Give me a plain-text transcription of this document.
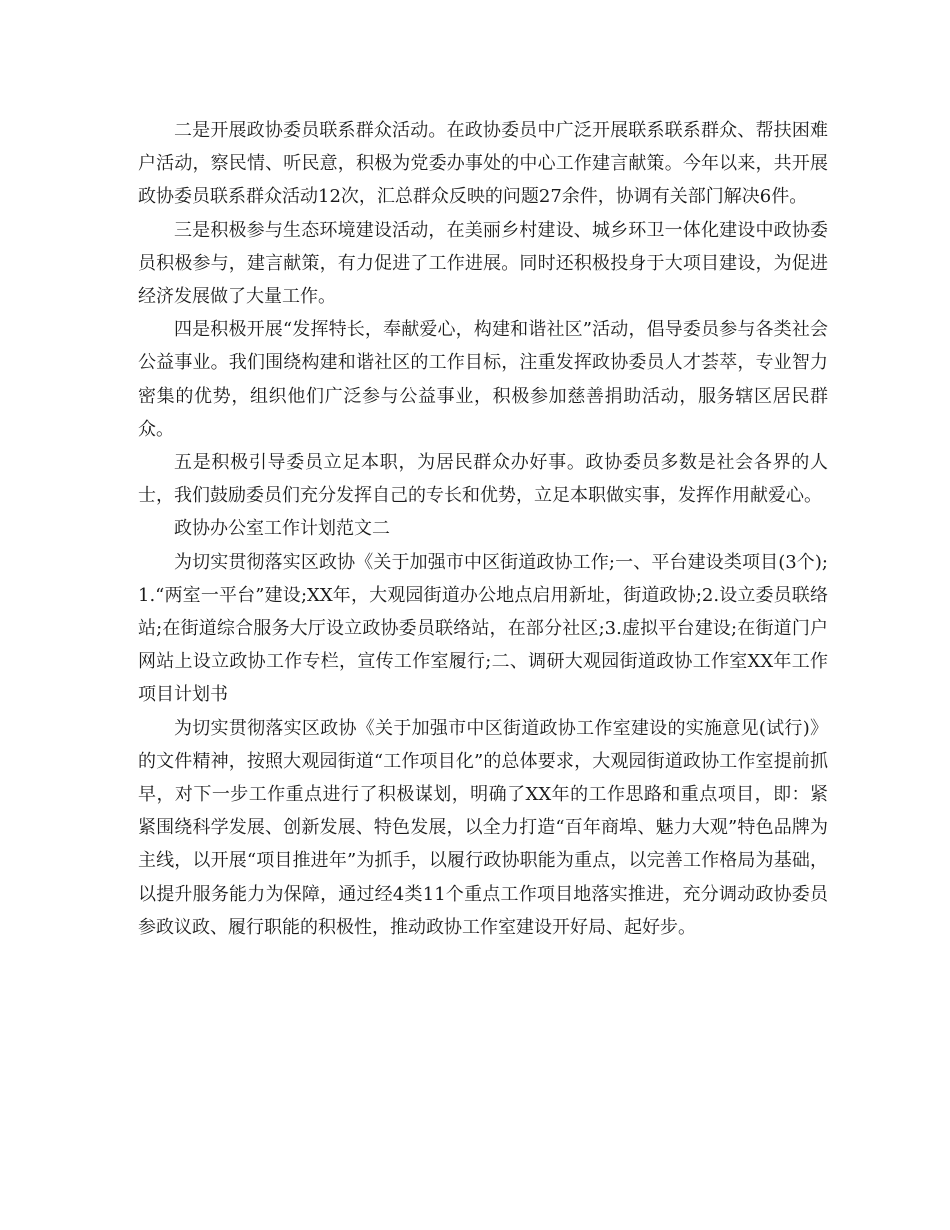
二是开展政协委员联系群众活动。在政协委员中广泛开展联系联系群众、帮扶困难户活动，察民情、听民意，积极为党委办事处的中心工作建言献策。今年以来，共开展政协委员联系群众活动12次，汇总群众反映的问题27余件，协调有关部门解决6件。

三是积极参与生态环境建设活动，在美丽乡村建设、城乡环卫一体化建设中政协委员积极参与，建言献策，有力促进了工作进展。同时还积极投身于大项目建设，为促进经济发展做了大量工作。

四是积极开展“发挥特长，奉献爱心，构建和谐社区”活动，倡导委员参与各类社会公益事业。我们围绕构建和谐社区的工作目标，注重发挥政协委员人才荟萃，专业智力密集的优势，组织他们广泛参与公益事业，积极参加慈善捐助活动，服务辖区居民群众。

五是积极引导委员立足本职，为居民群众办好事。政协委员多数是社会各界的人士，我们鼓励委员们充分发挥自己的专长和优势，立足本职做实事，发挥作用献爱心。

政协办公室工作计划范文二

为切实贯彻落实区政协《关于加强市中区街道政协工作;一、平台建设类项目(3个);1.“两室一平台”建设;XX年，大观园街道办公地点启用新址，街道政协;2.设立委员联络站;在街道综合服务大厅设立政协委员联络站，在部分社区;3.虚拟平台建设;在街道门户网站上设立政协工作专栏，宣传工作室履行;二、调研大观园街道政协工作室XX年工作项目计划书

为切实贯彻落实区政协《关于加强市中区街道政协工作室建设的实施意见(试行)》的文件精神，按照大观园街道“工作项目化”的总体要求，大观园街道政协工作室提前抓早，对下一步工作重点进行了积极谋划，明确了XX年的工作思路和重点项目，即：紧紧围绕科学发展、创新发展、特色发展，以全力打造“百年商埠、魅力大观”特色品牌为主线，以开展“项目推进年”为抓手，以履行政协职能为重点，以完善工作格局为基础，以提升服务能力为保障，通过经4类11个重点工作项目地落实推进，充分调动政协委员参政议政、履行职能的积极性，推动政协工作室建设开好局、起好步。
